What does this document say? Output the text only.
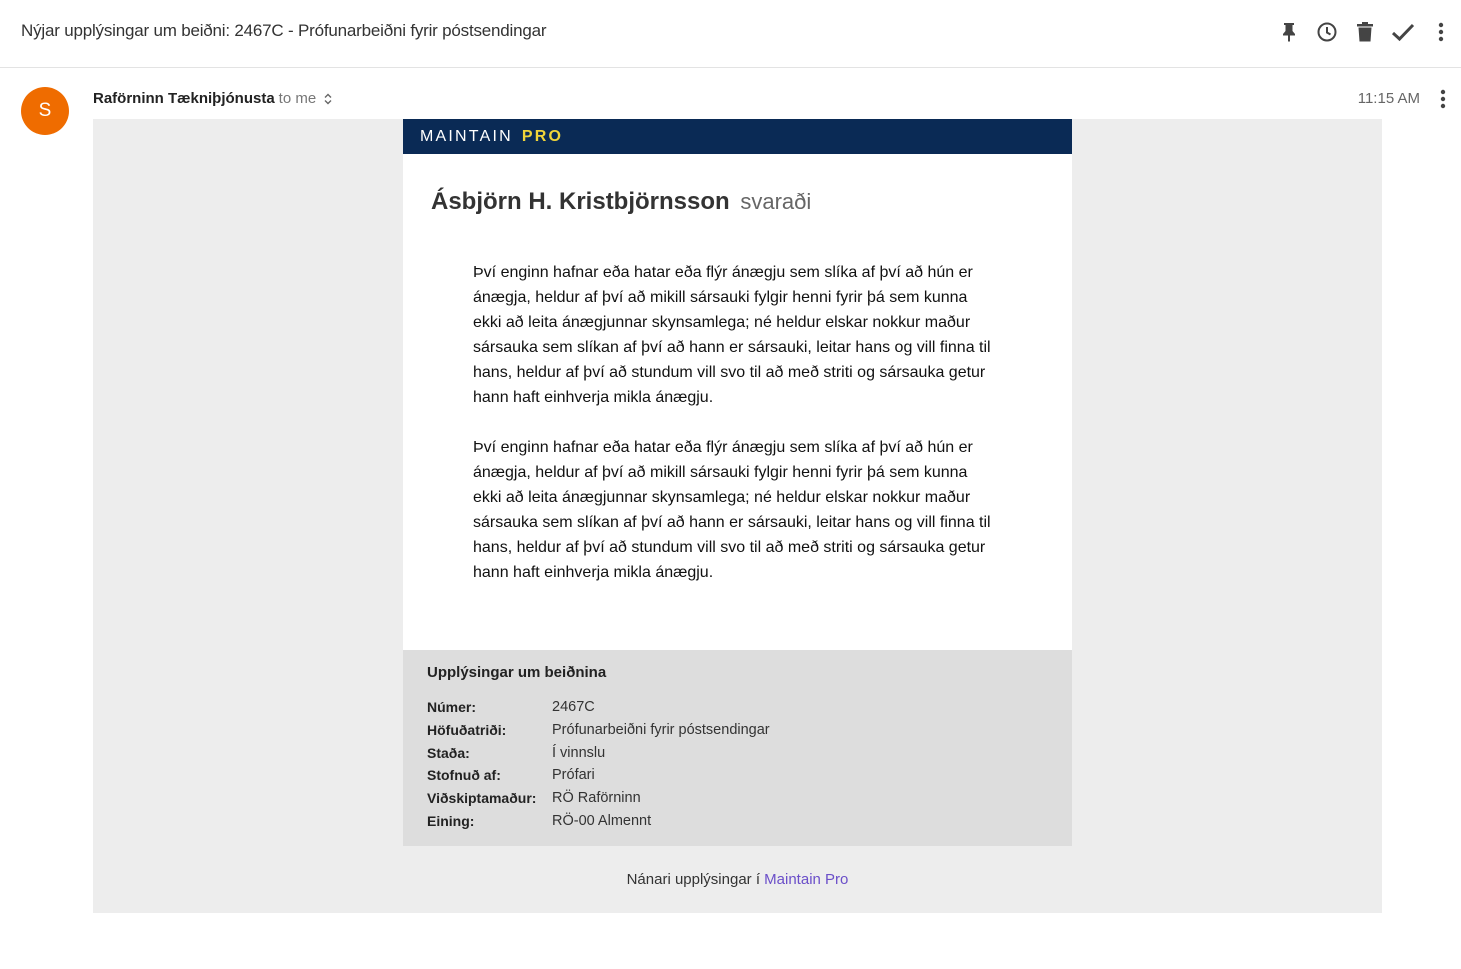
Nýjar upplýsingar um beiðni: 2467C - Prófunarbeiðni fyrir póstsendingar
S
Raförninn Tækniþjónusta to me	11:15 AM
MAINTAIN PRO
Ásbjörn H. Kristbjörnsson svaraði

Því enginn hafnar eða hatar eða flýr ánægju sem slíka af því að hún er ánægja, heldur af því að mikill sársauki fylgir henni fyrir þá sem kunna ekki að leita ánægjunnar skynsamlega; né heldur elskar nokkur maður sársauka sem slíkan af því að hann er sársauki, leitar hans og vill finna til hans, heldur af því að stundum vill svo til að með striti og sársauka getur hann haft einhverja mikla ánægju.

Því enginn hafnar eða hatar eða flýr ánægju sem slíka af því að hún er ánægja, heldur af því að mikill sársauki fylgir henni fyrir þá sem kunna ekki að leita ánægjunnar skynsamlega; né heldur elskar nokkur maður sársauka sem slíkan af því að hann er sársauki, leitar hans og vill finna til hans, heldur af því að stundum vill svo til að með striti og sársauka getur hann haft einhverja mikla ánægju.

Upplýsingar um beiðnina
Númer:	2467C
Höfuðatriði:	Prófunarbeiðni fyrir póstsendingar
Staða:	Í vinnslu
Stofnuð af:	Prófari
Viðskiptamaður:	RÖ Raförninn
Eining:	RÖ-00 Almennt
Nánari upplýsingar í Maintain Pro
